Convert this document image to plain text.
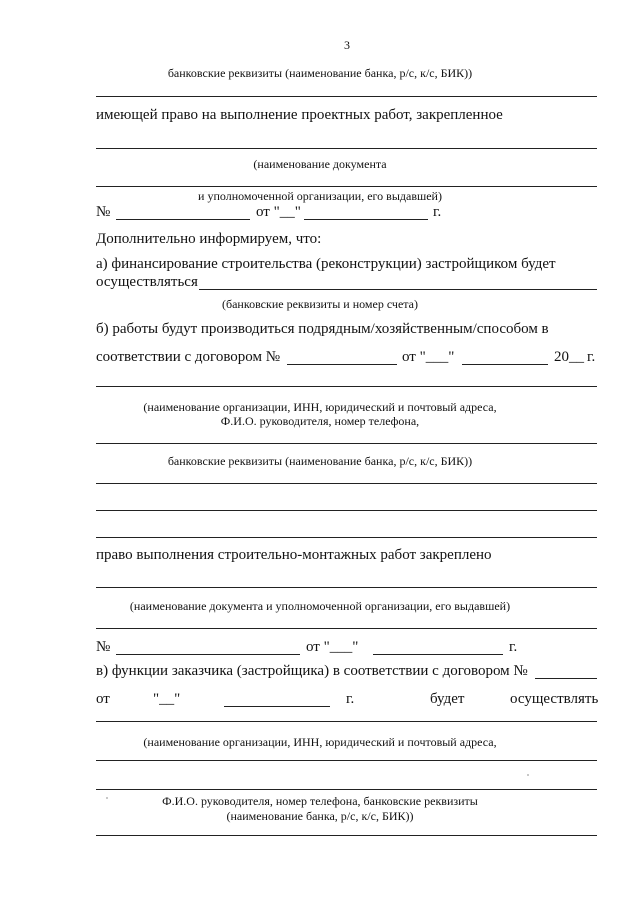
3
банковские реквизиты (наименование банка, р/с, к/с, БИК))
имеющей право на выполнение проектных работ, закрепленное
(наименование документа
и уполномоченной организации, его выдавшей)
№	от "__"	г.
Дополнительно информируем, что:
а) финансирование строительства (реконструкции) застройщиком будет
осуществляться
(банковские реквизиты и номер счета)
б) работы будут производиться подрядным/хозяйственным/способом в
соответствии с договором №	от "___"	20__ г.
(наименование организации, ИНН, юридический и почтовый адреса,
Ф.И.О. руководителя, номер телефона,
банковские реквизиты (наименование банка, р/с, к/с, БИК))
право выполнения строительно-монтажных работ закреплено
(наименование документа и уполномоченной организации, его выдавшей)
№	от "___"	г.
в) функции заказчика (застройщика) в соответствии с договором №
от	"__"	г.	будет	осуществлять
(наименование организации, ИНН, юридический и почтовый адреса,
Ф.И.О. руководителя, номер телефона, банковские реквизиты
(наименование банка, р/с, к/с, БИК))
